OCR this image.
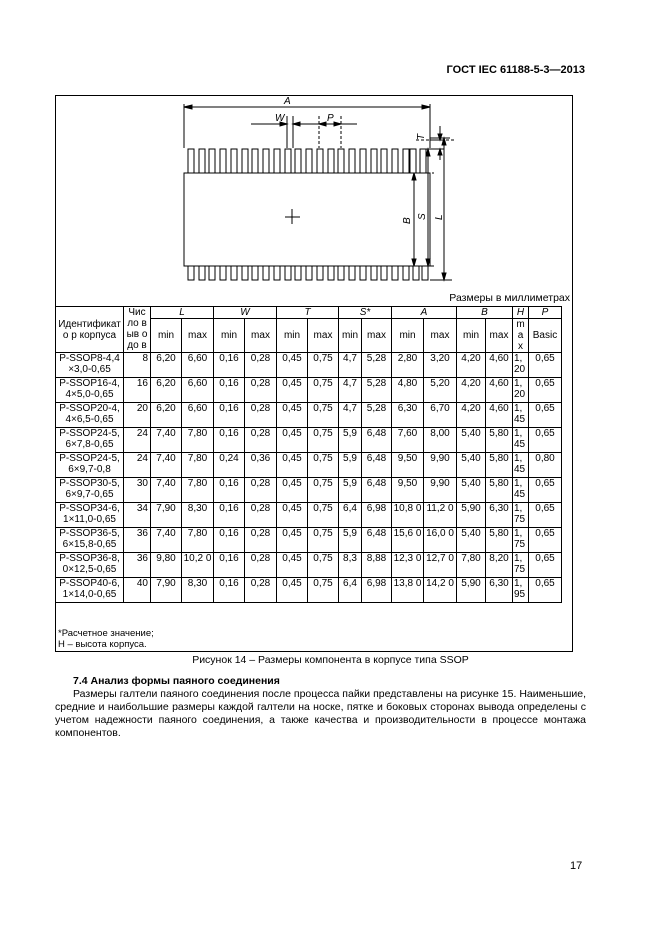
ГОСТ IEC 61188-5-3—2013
A
W	P
T
B
S L
Размеры в миллиметрах
Идентификато р корпуса	Чис ло выв одо в	L		W		T		S*		A		B		H	P
		min	max	min	max	min	max	min	max	min	max	min	max	ma x	Basic
P-SSOP8-4,4×3,0-0,65	8	6,20	6,60	0,16	0,28	0,45	0,75	4,7	5,28	2,80	3,20	4,20	4,60	1, 20	0,65
P-SSOP16-4,4×5,0-0,65	16	6,20	6,60	0,16	0,28	0,45	0,75	4,7	5,28	4,80	5,20	4,20	4,60	1, 20	0,65
P-SSOP20-4,4×6,5-0,65	20	6,20	6,60	0,16	0,28	0,45	0,75	4,7	5,28	6,30	6,70	4,20	4,60	1, 45	0,65
P-SSOP24-5,6×7,8-0,65	24	7,40	7,80	0,16	0,28	0,45	0,75	5,9	6,48	7,60	8,00	5,40	5,80	1, 45	0,65
P-SSOP24-5,6×9,7-0,8	24	7,40	7,80	0,24	0,36	0,45	0,75	5,9	6,48	9,50	9,90	5,40	5,80	1, 45	0,80
P-SSOP30-5,6×9,7-0,65	30	7,40	7,80	0,16	0,28	0,45	0,75	5,9	6,48	9,50	9,90	5,40	5,80	1, 45	0,65
P-SSOP34-6,1×11,0-0,65	34	7,90	8,30	0,16	0,28	0,45	0,75	6,4	6,98	10,8 0	11,2 0	5,90	6,30	1, 75	0,65
P-SSOP36-5,6×15,8-0,65	36	7,40	7,80	0,16	0,28	0,45	0,75	5,9	6,48	15,6 0	16,0 0	5,40	5,80	1, 75	0,65
P-SSOP36-8,0×12,5-0,65	36	9,80	10,2 0	0,16	0,28	0,45	0,75	8,3	8,88	12,3 0	12,7 0	7,80	8,20	1, 75	0,65
P-SSOP40-6,1×14,0-0,65	40	7,90	8,30	0,16	0,28	0,45	0,75	6,4	6,98	13,8 0	14,2 0	5,90	6,30	1, 95	0,65
*Расчетное значение;
H – высота корпуса.
Рисунок 14 – Размеры компонента в корпусе типа SSOP
7.4 Анализ формы паяного соединения

Размеры галтели паяного соединения после процесса пайки представлены на рисунке 15. Наименьшие, средние и наибольшие размеры каждой галтели на носке, пятке и боковых сторонах вывода определены с учетом надежности паяного соединения, а также качества и производительности в процессе монтажа компонентов.

17
